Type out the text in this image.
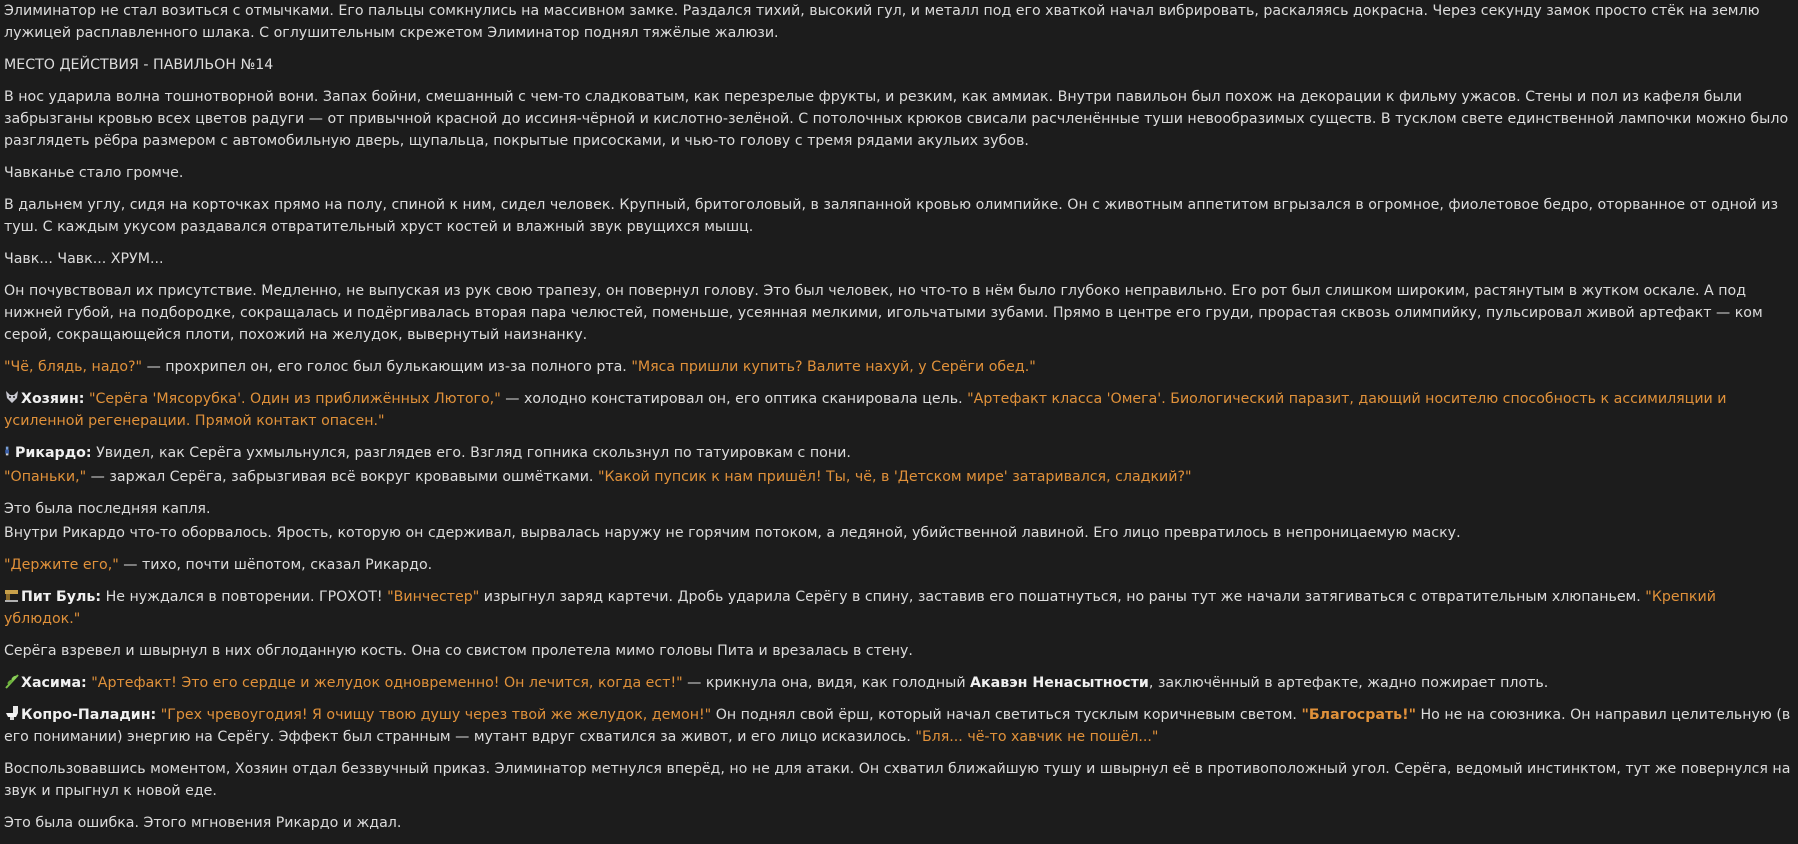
Элиминатор не стал возиться с отмычками. Его пальцы сомкнулись на массивном замке. Раздался тихий, высокий гул, и металл под его хваткой начал вибрировать, раскаляясь докрасна. Через секунду замок просто стёк на землю лужицей расплавленного шлака. С оглушительным скрежетом Элиминатор поднял тяжёлые жалюзи.

МЕСТО ДЕЙСТВИЯ - ПАВИЛЬОН №14

В нос ударила волна тошнотворной вони. Запах бойни, смешанный с чем-то сладковатым, как перезрелые фрукты, и резким, как аммиак. Внутри павильон был похож на декорации к фильму ужасов. Стены и пол из кафеля были забрызганы кровью всех цветов радуги — от привычной красной до иссиня-чёрной и кислотно-зелёной. С потолочных крюков свисали расчленённые туши невообразимых существ. В тусклом свете единственной лампочки можно было разглядеть рёбра размером с автомобильную дверь, щупальца, покрытые присосками, и чью-то голову с тремя рядами акульих зубов.

Чавканье стало громче.

В дальнем углу, сидя на корточках прямо на полу, спиной к ним, сидел человек. Крупный, бритоголовый, в заляпанной кровью олимпийке. Он с животным аппетитом вгрызался в огромное, фиолетовое бедро, оторванное от одной из туш. С каждым укусом раздавался отвратительный хруст костей и влажный звук рвущихся мышц.

Чавк... Чавк... ХРУМ...

Он почувствовал их присутствие. Медленно, не выпуская из рук свою трапезу, он повернул голову. Это был человек, но что-то в нём было глубоко неправильно. Его рот был слишком широким, растянутым в жутком оскале. А под нижней губой, на подбородке, сокращалась и подёргивалась вторая пара челюстей, поменьше, усеянная мелкими, игольчатыми зубами. Прямо в центре его груди, прорастая сквозь олимпийку, пульсировал живой артефакт — ком серой, сокращающейся плоти, похожий на желудок, вывернутый наизнанку.

"Чё, блядь, надо?" — прохрипел он, его голос был булькающим из-за полного рта. "Мяса пришли купить? Валите нахуй, у Серёги обед."

Хозяин: "Серёга 'Мясорубка'. Один из приближённых Лютого," — холодно констатировал он, его оптика сканировала цель. "Артефакт класса 'Омега'. Биологический паразит, дающий носителю способность к ассимиляции и усиленной регенерации. Прямой контакт опасен."

Рикардо: Увидел, как Серёга ухмыльнулся, разглядев его. Взгляд гопника скользнул по татуировкам с пони.

"Опаньки," — заржал Серёга, забрызгивая всё вокруг кровавыми ошмётками. "Какой пупсик к нам пришёл! Ты, чё, в 'Детском мире' затаривался, сладкий?"

Это была последняя капля.

Внутри Рикардо что-то оборвалось. Ярость, которую он сдерживал, вырвалась наружу не горячим потоком, а ледяной, убийственной лавиной. Его лицо превратилось в непроницаемую маску.

"Держите его," — тихо, почти шёпотом, сказал Рикардо.

Пит Буль: Не нуждался в повторении. ГРОХОТ! "Винчестер" изрыгнул заряд картечи. Дробь ударила Серёгу в спину, заставив его пошатнуться, но раны тут же начали затягиваться с отвратительным хлюпаньем. "Крепкий ублюдок."

Серёга взревел и швырнул в них обглоданную кость. Она со свистом пролетела мимо головы Пита и врезалась в стену.

Хасима: "Артефакт! Это его сердце и желудок одновременно! Он лечится, когда ест!" — крикнула она, видя, как голодный Акавэн Ненасытности, заключённый в артефакте, жадно пожирает плоть.

Копро-Паладин: "Грех чревоугодия! Я очищу твою душу через твой же желудок, демон!" Он поднял свой ёрш, который начал светиться тусклым коричневым светом. "Благосрать!" Но не на союзника. Он направил целительную (в его понимании) энергию на Серёгу. Эффект был странным — мутант вдруг схватился за живот, и его лицо исказилось. "Бля... чё-то хавчик не пошёл..."

Воспользовавшись моментом, Хозяин отдал беззвучный приказ. Элиминатор метнулся вперёд, но не для атаки. Он схватил ближайшую тушу и швырнул её в противоположный угол. Серёга, ведомый инстинктом, тут же повернулся на звук и прыгнул к новой еде.

Это была ошибка. Этого мгновения Рикардо и ждал.
